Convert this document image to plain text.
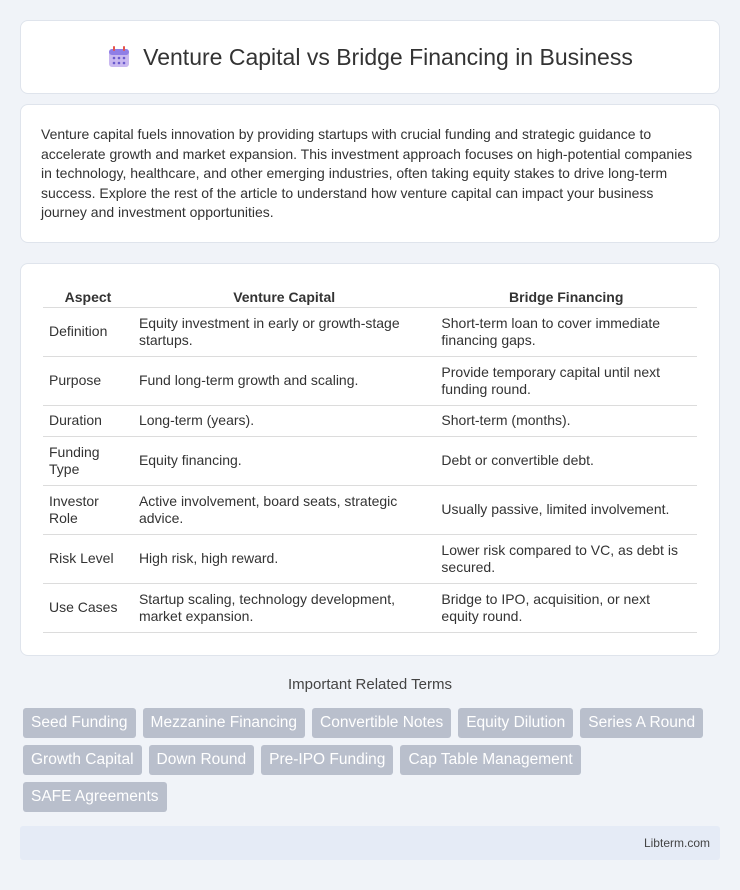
Venture Capital vs Bridge Financing in Business

Venture capital fuels innovation by providing startups with crucial funding and strategic guidance to accelerate growth and market expansion. This investment approach focuses on high-potential companies in technology, healthcare, and other emerging industries, often taking equity stakes to drive long-term success. Explore the rest of the article to understand how venture capital can impact your business journey and investment opportunities.

Aspect	Venture Capital	Bridge Financing
Definition	Equity investment in early or growth-stage startups.	Short-term loan to cover immediate financing gaps.
Purpose	Fund long-term growth and scaling.	Provide temporary capital until next funding round.
Duration	Long-term (years).	Short-term (months).
Funding Type	Equity financing.	Debt or convertible debt.
Investor Role	Active involvement, board seats, strategic advice.	Usually passive, limited involvement.
Risk Level	High risk, high reward.	Lower risk compared to VC, as debt is secured.
Use Cases	Startup scaling, technology development, market expansion.	Bridge to IPO, acquisition, or next equity round.
Important Related Terms
Seed Funding	Mezzanine Financing	Convertible Notes	Equity Dilution	Series A Round
Growth Capital	Down Round	Pre-IPO Funding	Cap Table Management
SAFE Agreements
Libterm.com
